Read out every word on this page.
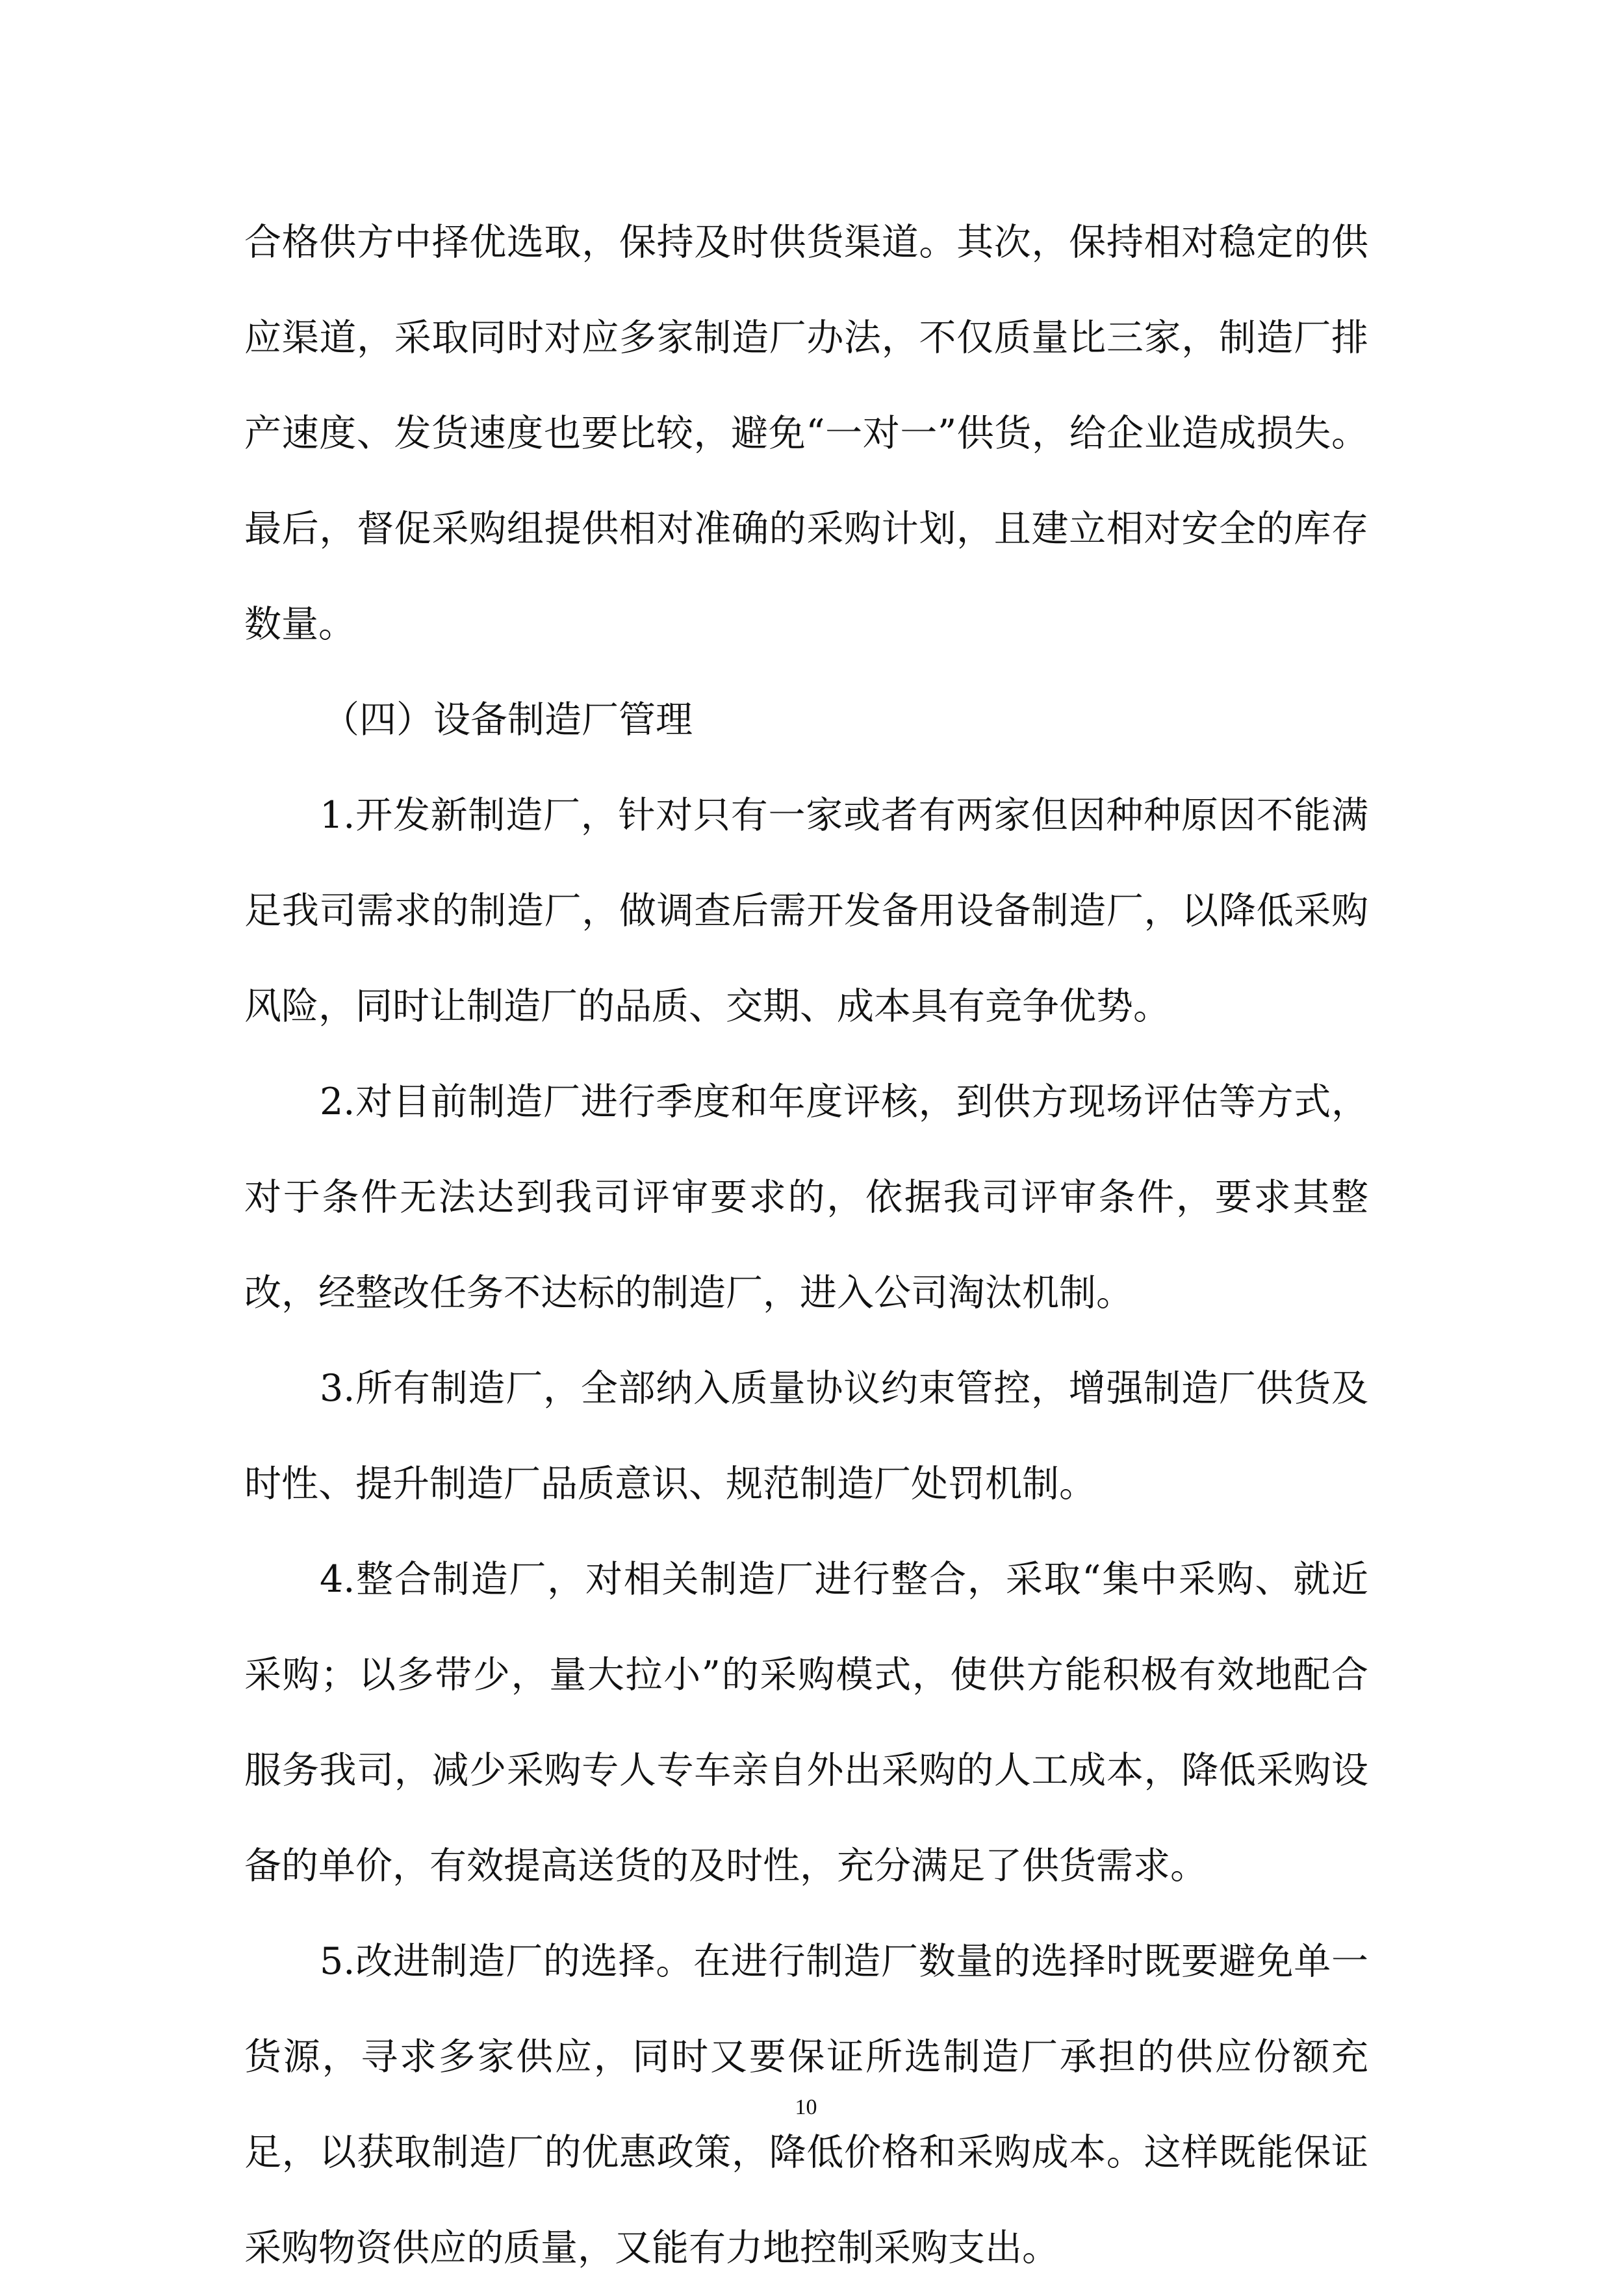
合格供方中择优选取，保持及时供货渠道。其次，保持相对稳定的供应渠道，采取同时对应多家制造厂办法，不仅质量比三家，制造厂排产速度、发货速度也要比较，避免“一对一”供货，给企业造成损失。最后，督促采购组提供相对准确的采购计划，且建立相对安全的库存数量。

（四）设备制造厂管理

1.开发新制造厂，针对只有一家或者有两家但因种种原因不能满足我司需求的制造厂，做调查后需开发备用设备制造厂，以降低采购风险，同时让制造厂的品质、交期、成本具有竞争优势。

2.对目前制造厂进行季度和年度评核，到供方现场评估等方式，对于条件无法达到我司评审要求的，依据我司评审条件，要求其整改，经整改任务不达标的制造厂，进入公司淘汰机制。

3.所有制造厂，全部纳入质量协议约束管控，增强制造厂供货及时性、提升制造厂品质意识、规范制造厂处罚机制。

4.整合制造厂，对相关制造厂进行整合，采取“集中采购、就近采购；以多带少，量大拉小”的采购模式，使供方能积极有效地配合服务我司，减少采购专人专车亲自外出采购的人工成本，降低采购设备的单价，有效提高送货的及时性，充分满足了供货需求。

5.改进制造厂的选择。在进行制造厂数量的选择时既要避免单一货源，寻求多家供应，同时又要保证所选制造厂承担的供应份额充足，以获取制造厂的优惠政策，降低价格和采购成本。这样既能保证采购物资供应的质量，又能有力地控制采购支出。

10
